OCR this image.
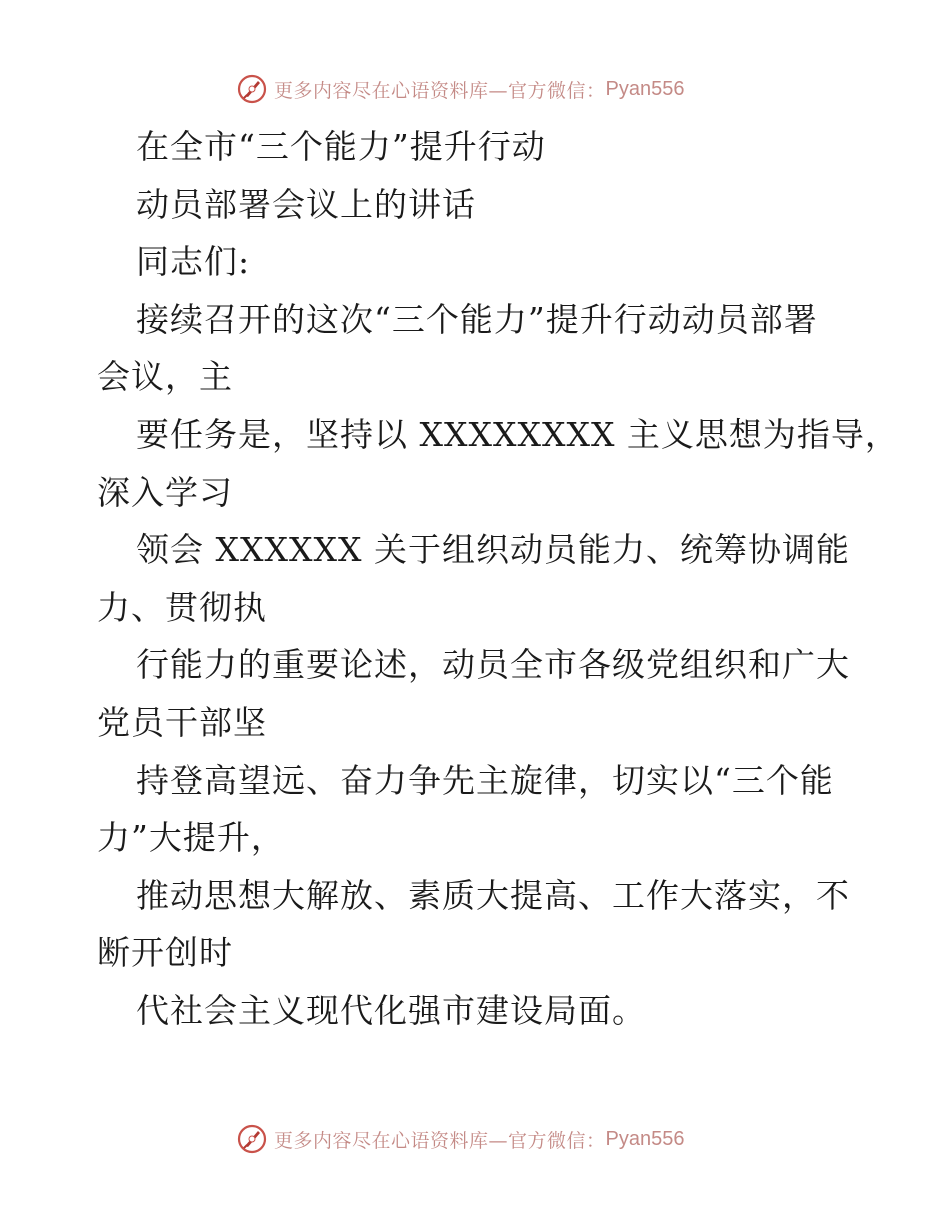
更多内容尽在心语资料库—官方微信： Pyan556
在全市“三个能力”提升行动
动员部署会议上的讲话
同志们:
接续召开的这次“三个能力”提升行动动员部署
会议，主
要任务是，坚持以 XXXXXXXX 主义思想为指导，
深入学习
领会 XXXXXX 关于组织动员能力、统筹协调能
力、贯彻执
行能力的重要论述，动员全市各级党组织和广大
党员干部坚
持登高望远、奋力争先主旋律，切实以“三个能
力”大提升，
推动思想大解放、素质大提高、工作大落实，不
断开创时
代社会主义现代化强市建设局面。
更多内容尽在心语资料库—官方微信： Pyan556
